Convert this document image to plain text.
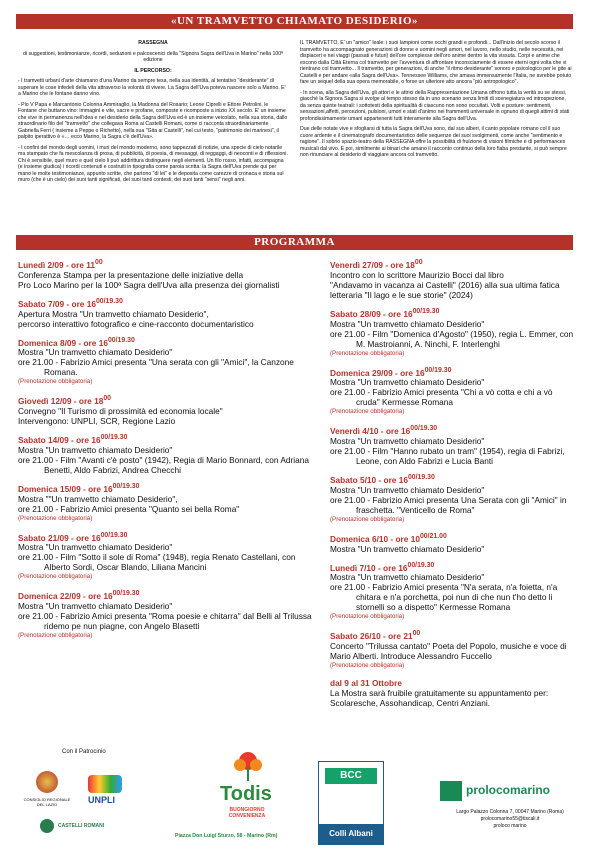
«UN TRAMVETTO CHIAMATO DESIDERIO»

RASSEGNA

di suggestioni, testimonianze, ricordi, seduzioni e palcoscenici della "Signora Sagra dell'Uva in Marino" nella 100ª edizione

IL PERCORSO:

- I tramvetti urbani d'arte chiamano d'una Marino da sempre tesa, nella sua identità, al tentativo "desiderante" di superare le cose infedeli della vita attraverso la volontà di vivere. La Sagra dell'Uva poteva nascere solo a Marino. E' a Marino che le fontane danno vino.

- Pio V Papa e Marcantonio Colonna Ammiraglio, la Madonna del Rosario; Leone Ciprelli e Ettore Petrolini, le Fontane che buttano vino: immagini e vite, sacre e profane, composte e ricomposte a inizio XX secolo. E' un insieme che vive in permanenza nell'idea e nel desiderio della Sagra dell'Uva ed è un insieme veicolato, nella sua storia, dallo straordinario filo del "tramvetto" che collegava Roma ai Castelli Romani, come ci racconta straordinariamente Gabriella Ferri ( insieme a Peppe o Richetto), nella sua "Gita ai Castelli", nel cui testo, "patrimonio dei marinesi", il palpito iperattivo è «… ecco Marino, la Sagra c'è dell'Uva».

- I confini del mondo degli uomini, i muri del mondo moderno, sono tappezzati di notizie, una specie di cielo notarile ma stampato che fa mescolanza di prosa, di pubblicità, di poesia, di messaggi, di reggaggi, di neoconti e di riflessioni. Chi è sensibile, quel muro e quel cielo li può addirittura distinguere negli elementi. Un filo rosso, infatti, accompagna (e insieme giudica) i ricordi contenuti e costruiti in tipografia come parola scritta: la Sagra dell'Uva prende qui per mano le molte testimonianze, appunto scritte, che partono "di lei" e le deposita come carezze di cronaca e storia sul muro (che è un cielo) dei suoi tanti significati, dei suoi tanti contesti, dei suoi tanti "sensi" negli anni.

IL TRAMVETTO. E' un "amico" leale: i suoi lampioni come occhi grandi e profondi... Dall'inizio del secolo scorso il tramvetto ha accompagnato generazioni di donne e uomini negli amori, nel lavoro, nello studio, nelle necessità, nei dispiaceri e nei viaggi (passati e futuri) dell'ore complesse dell'oro anime dentro la vita vissuta. Corpi e anime che escono dalla Città Eterna col tramvetto per l'avventura di affrontare inconsciamente di essere eterni ogni volta che vi rientrano col tramvetto... Il tramvetto, per generazioni, di anche "il ritmo desiderante" sonoro e psicologico per le gite ai Castelli e per andare «alla Sagra dell'Uva». Tennessee Williams, che amava immensamente l'Italia, ne avrebbe potuto fare un sequel della sua opera memorabile, o forse un ulteriore atto ancora "più antropologico".

- In scena, alla Sagra dell'Uva, gli attori e le attrici della Rappresentazione Umana offrono tutta la verità su se stessi, giacché la Signora Sagra si svolge al tempo stesso da in uno scenario senza limiti di scenegiatura ed introspezione, da senza quinte teatrali: i sottotesti della spiritualità di ciascuno non sono occultati. Volti e posture: sentimenti, sensazioni,affetti, percezioni, pulsioni, umori e stati d'animo nei frammenti universale in ognuno di quegli attimi di stati profondissimamente umani appartenenti tutti interamente alla Sagra dell'Uva.

Due delle notate vive e sfogliarsi di tutta la Sagra dell'Uva sono, dal suo alberi, il canto popolare romano col il suo cuore ardente e il cinematografo documentaristico delle sequenze dei suoi svolgimenti, come anche "sentimento e ragione". Il sobrio spazio-teatro della RASSEGNA offre la possibilità di fruizione di visioni filmiche e di performances musicali dal vivo. E poi, similmente ai binari che amano il racconto continuo della loro fiaba prestante, si può sempre non rinunciare al desiderio di viaggiare ancora col tramvetto.

PROGRAMMA
Lunedì 2/09 - ore $11^{00}$
Conferenza Stampa per la presentazione delle iniziative della
Pro Loco Marino per la 100ª Sagra dell'Uva alla presenza dei giornalisti
Sabato 7/09 - ore $16^{00/19.30}$
Apertura Mostra "Un tramvetto chiamato Desiderio",
percorso interattivo fotografico e cine-racconto documentaristico
Domenica 8/09 - ore $16^{00/19.30}$
Mostra "Un tramvetto chiamato Desiderio"
ore 21.00 - Fabrizio Amici presenta "Una serata con gli "Amici", la Canzone Romana.
(Prenotazione obbligatoria)
Giovedì 12/09 - ore $18^{00}$
Convegno "Il Turismo di prossimità ed economia locale"
Intervengono: UNPLI, SCR, Regione Lazio
Sabato 14/09 - ore $16^{00/19.30}$
Mostra "Un tramvetto chiamato Desiderio"
ore 21.00 - Film "Avanti c'è posto" (1942), Regia di Mario Bonnard, con Adriana Benetti, Aldo Fabrizi, Andrea Checchi
Domenica 15/09 - ore $16^{00/19.30}$
Mostra ""Un tramvetto chiamato Desiderio",
ore 21.00 - Fabrizio Amici presenta "Quanto sei bella Roma"
(Prenotazione obbligatoria)
Sabato 21/09 - ore $16^{00/19.30}$
Mostra "Un tramvetto chiamato Desiderio"
ore 21.00 - Film "Sotto il sole di Roma" (1948), regia Renato Castellani, con Alberto Sordi, Oscar Blando, Liliana Mancini
(Prenotazione obbligatoria)
Domenica 22/09 - ore $16^{00/19.30}$
Mostra "Un tramvetto chiamato Desiderio"
ore 21.00 - Fabrizio Amici presenta "Roma poesie e chitarra" dal Belli al Trilussa ridemo pe nun piagne, con Angelo Blasetti
(Prenotazione obbligatoria)
Venerdì 27/09 - ore $18^{00}$
Incontro con lo scrittore Maurizio Bocci dal libro
"Andavamo in vacanza ai Castelli" (2016) alla sua ultima fatica letteraria "Il lago e le sue storie" (2024)
Sabato 28/09 - ore $16^{00/19.30}$
Mostra "Un tramvetto chiamato Desiderio"
ore 21.00 - Film "Domenica d'Agosto" (1950), regia L. Emmer, con M. Mastroianni, A. Ninchi, F. Interlenghi
(Prenotazione obbligatoria)
Domenica 29/09 - ore $16^{00/19.30}$
Mostra "Un tramvetto chiamato Desiderio"
ore 21.00 - Fabrizio Amici presenta "Chi a vò cotta e chi a vò cruda" Kermesse Romana
(Prenotazione obbligatoria)
Venerdì 4/10 - ore $16^{00/19.30}$
Mostra "Un tramvetto chiamato Desiderio"
ore 21.00 - Film "Hanno rubato un tram" (1954), regia di Fabrizi, Leone, con Aldo Fabrizi e Lucia Banti
Sabato 5/10 - ore $16^{00/19.30}$
Mostra "Un tramvetto chiamato Desiderio"
ore 21.00 - Fabrizio Amici presenta Una Serata con gli "Amici" in fraschetta. "Venticello de Roma"
(Prenotazione obbligatoria)
Domenica 6/10 - ore $10^{00/21.00}$
Mostra "Un tramvetto chiamato Desiderio"
Lunedì 7/10 - ore $16^{00/19.30}$
Mostra "Un tramvetto chiamato Desiderio"
ore 21.00 - Fabrizio Amici presenta "N'a serata, n'a foietta, n'a chitara e n'a porchetta, poi nun di che nun t'ho detto li stornelli so a dispetto" Kermesse Romana
(Prenotazione obbligatoria)
Sabato 26/10 - ore $21^{00}$
Concerto "Trilussa cantato" Poeta del Popolo, musiche e voce di Mario Alberti. Introduce Alessandro Fuccello
(Prenotazione obbligatoria)
dal 9 al 31 Ottobre
La Mostra sarà fruibile gratuitamente su appuntamento per: Scolaresche, Assohandicap, Centri Anziani.
Con il Patrocinio
CONSIGLIO REGIONALE DEL LAZIO	UNPLI
CASTELLI ROMANI
Todis
BUONGIORNO CONVENIENZA
Piazza Don Luigi Sturzo, 58 - Marino (Rm)
BCC
Colli Albani
prolocomarino
Largo Palazzo Colonna 7, 00047 Marino (Roma)
prolocomarino55@tiscali.it
proloco marino
